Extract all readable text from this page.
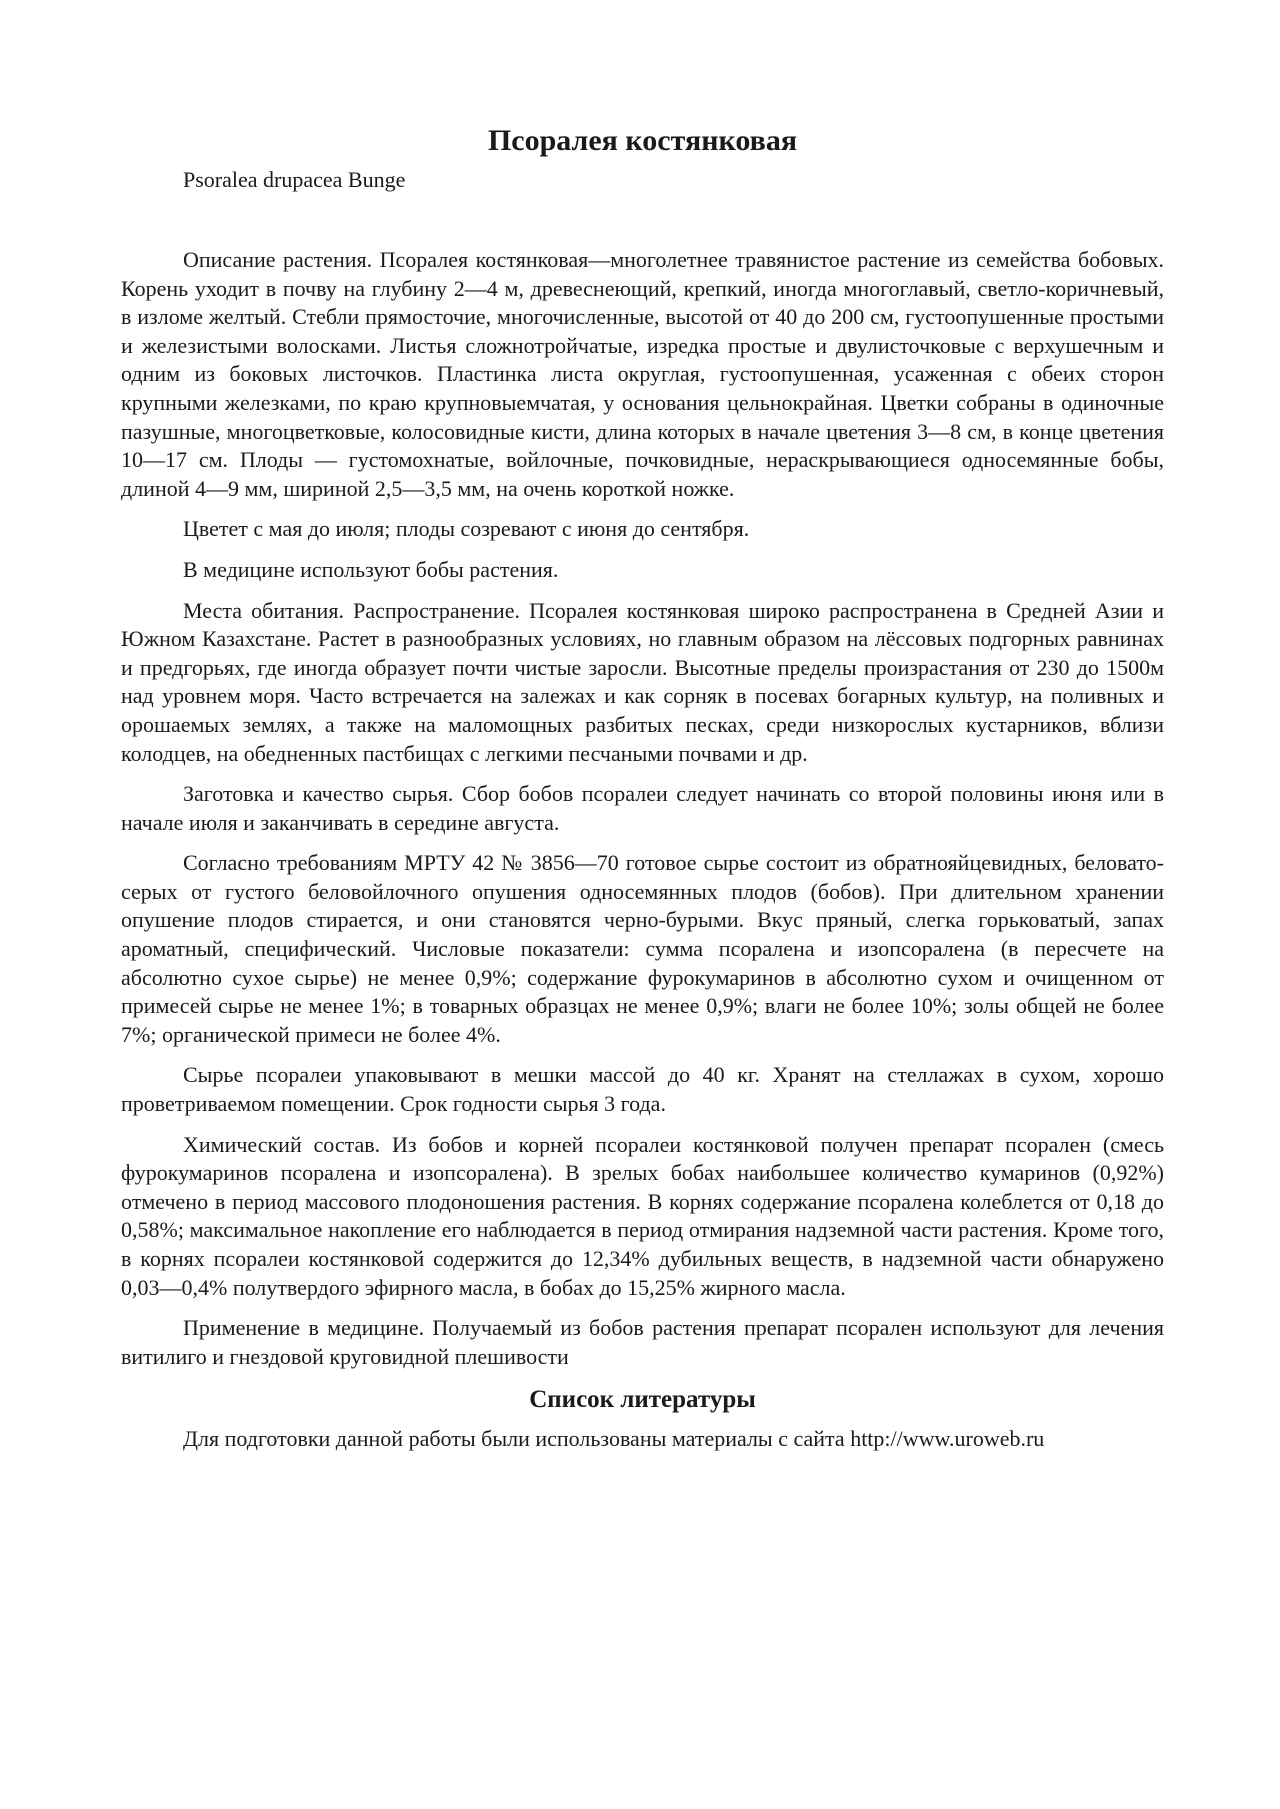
Псоралея костянковая

Psoralea drupacea Bunge

Описание растения. Псоралея костянковая—многолетнее травянистое растение из семейства бобовых. Корень уходит в почву на глубину 2—4 м, древеснеющий, крепкий, иногда многоглавый, светло-коричневый, в изломе желтый. Стебли прямосточие, многочисленные, высотой от 40 до 200 см, густоопушенные простыми и железистыми волосками. Листья сложнотройчатые, изредка простые и двулисточковые с верхушечным и одним из боковых листочков. Пластинка листа округлая, густоопушенная, усаженная с обеих сторон крупными железками, по краю крупновыемчатая, у основания цельнокрайная. Цветки собраны в одиночные пазушные, многоцветковые, колосовидные кисти, длина которых в начале цветения 3—8 см, в конце цветения 10—17 см. Плоды — густомохнатые, войлочные, почковидные, нераскрывающиеся односемянные бобы, длиной 4—9 мм, шириной 2,5—3,5 мм, на очень короткой ножке.

Цветет с мая до июля; плоды созревают с июня до сентября.

В медицине используют бобы растения.

Места обитания. Распространение. Псоралея костянковая широко распространена в Средней Азии и Южном Казахстане. Растет в разнообразных условиях, но главным образом на лёссовых подгорных равнинах и предгорьях, где иногда образует почти чистые заросли. Высотные пределы произрастания от 230 до 1500м над уровнем моря. Часто встречается на залежах и как сорняк в посевах богарных культур, на поливных и орошаемых землях, а также на маломощных разбитых песках, среди низкорослых кустарников, вблизи колодцев, на обедненных пастбищах с легкими песчаными почвами и др.

Заготовка и качество сырья. Сбор бобов псоралеи следует начинать со второй половины июня или в начале июля и заканчивать в середине августа.

Согласно требованиям МРТУ 42 № 3856—70 готовое сырье состоит из обратнояйцевидных, беловато-серых от густого беловойлочного опушения односемянных плодов (бобов). При длительном хранении опушение плодов стирается, и они становятся черно-бурыми. Вкус пряный, слегка горьковатый, запах ароматный, специфический. Числовые показатели: сумма псоралена и изопсоралена (в пересчете на абсолютно сухое сырье) не менее 0,9%; содержание фурокумаринов в абсолютно сухом и очищенном от примесей сырье не менее 1%; в товарных образцах не менее 0,9%; влаги не более 10%; золы общей не более 7%; органической примеси не более 4%.

Сырье псоралеи упаковывают в мешки массой до 40 кг. Хранят на стеллажах в сухом, хорошо проветриваемом помещении. Срок годности сырья 3 года.

Химический состав. Из бобов и корней псоралеи костянковой получен препарат псорален (смесь фурокумаринов псоралена и изопсоралена). В зрелых бобах наибольшее количество кумаринов (0,92%) отмечено в период массового плодоношения растения. В корнях содержание псоралена колеблется от 0,18 до 0,58%; максимальное накопление его наблюдается в период отмирания надземной части растения. Кроме того, в корнях псоралеи костянковой содержится до 12,34% дубильных веществ, в надземной части обнаружено 0,03—0,4% полутвердого эфирного масла, в бобах до 15,25% жирного масла.

Применение в медицине. Получаемый из бобов растения препарат псорален используют для лечения витилиго и гнездовой круговидной плешивости

Список литературы

Для подготовки данной работы были использованы материалы с сайта http://www.uroweb.ru
